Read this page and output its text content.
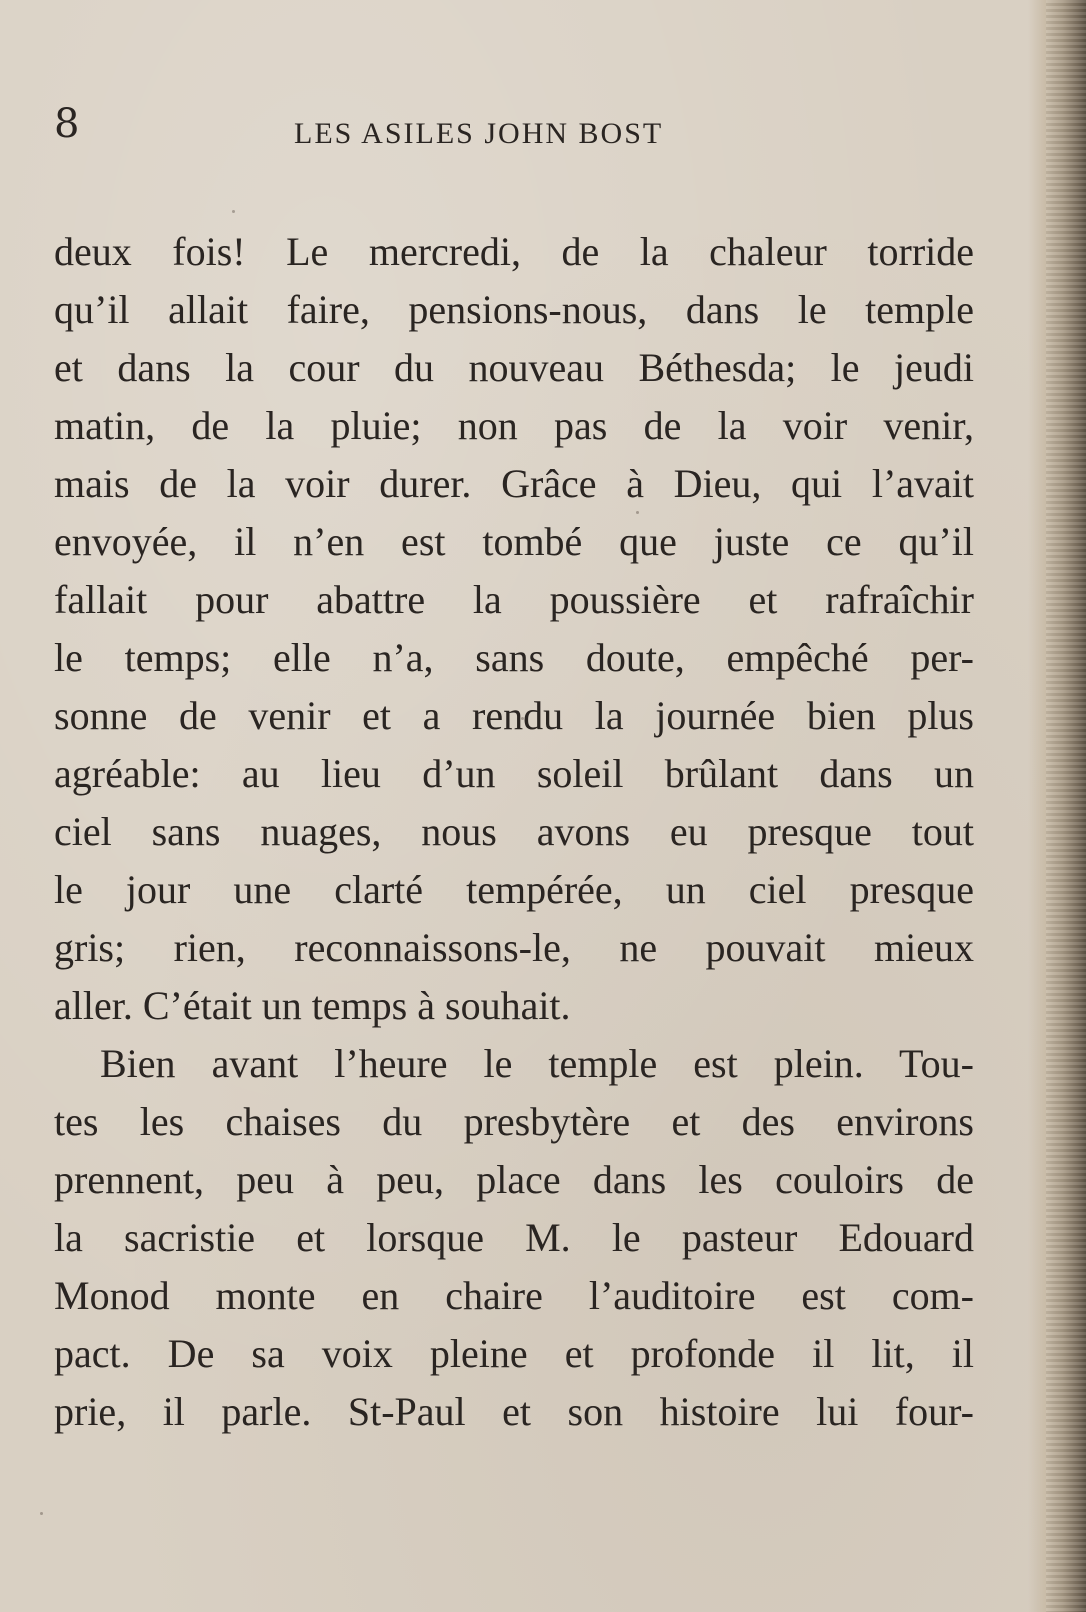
8	LES ASILES JOHN BOST
deux fois! Le mercredi, de la chaleur torride
qu’il allait faire, pensions-nous, dans le temple
et dans la cour du nouveau Béthesda; le jeudi
matin, de la pluie; non pas de la voir venir,
mais de la voir durer. Grâce à Dieu, qui l’avait
envoyée, il n’en est tombé que juste ce qu’il
fallait pour abattre la poussière et rafraîchir
le temps; elle n’a, sans doute, empêché per-
sonne de venir et a rendu la journée bien plus
agréable: au lieu d’un soleil brûlant dans un
ciel sans nuages, nous avons eu presque tout
le jour une clarté tempérée, un ciel presque
gris; rien, reconnaissons-le, ne pouvait mieux
aller. C’était un temps à souhait.
Bien avant l’heure le temple est plein. Tou-
tes les chaises du presbytère et des environs
prennent, peu à peu, place dans les couloirs de
la sacristie et lorsque M. le pasteur Edouard
Monod monte en chaire l’auditoire est com-
pact. De sa voix pleine et profonde il lit, il
prie, il parle. St-Paul et son histoire lui four-
